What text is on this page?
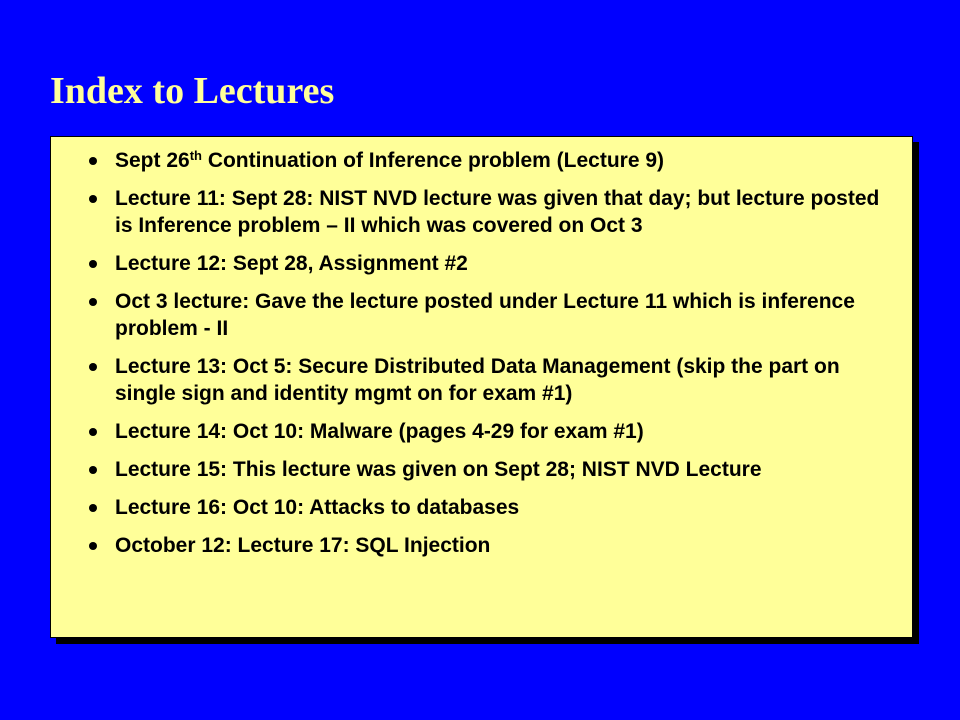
Index to Lectures
Sept 26th Continuation of Inference problem (Lecture 9)
Lecture 11: Sept 28: NIST NVD lecture was given that day; but lecture posted is Inference problem – II which was covered on Oct 3
Lecture 12: Sept 28, Assignment #2
Oct 3 lecture: Gave the lecture posted under Lecture 11 which is inference problem - II
Lecture 13: Oct 5: Secure Distributed Data Management (skip the part on single sign and identity mgmt on for exam #1)
Lecture 14: Oct 10: Malware (pages 4-29 for exam #1)
Lecture 15: This lecture was given on Sept 28; NIST NVD Lecture
Lecture 16: Oct 10: Attacks to databases
October 12: Lecture 17: SQL Injection
